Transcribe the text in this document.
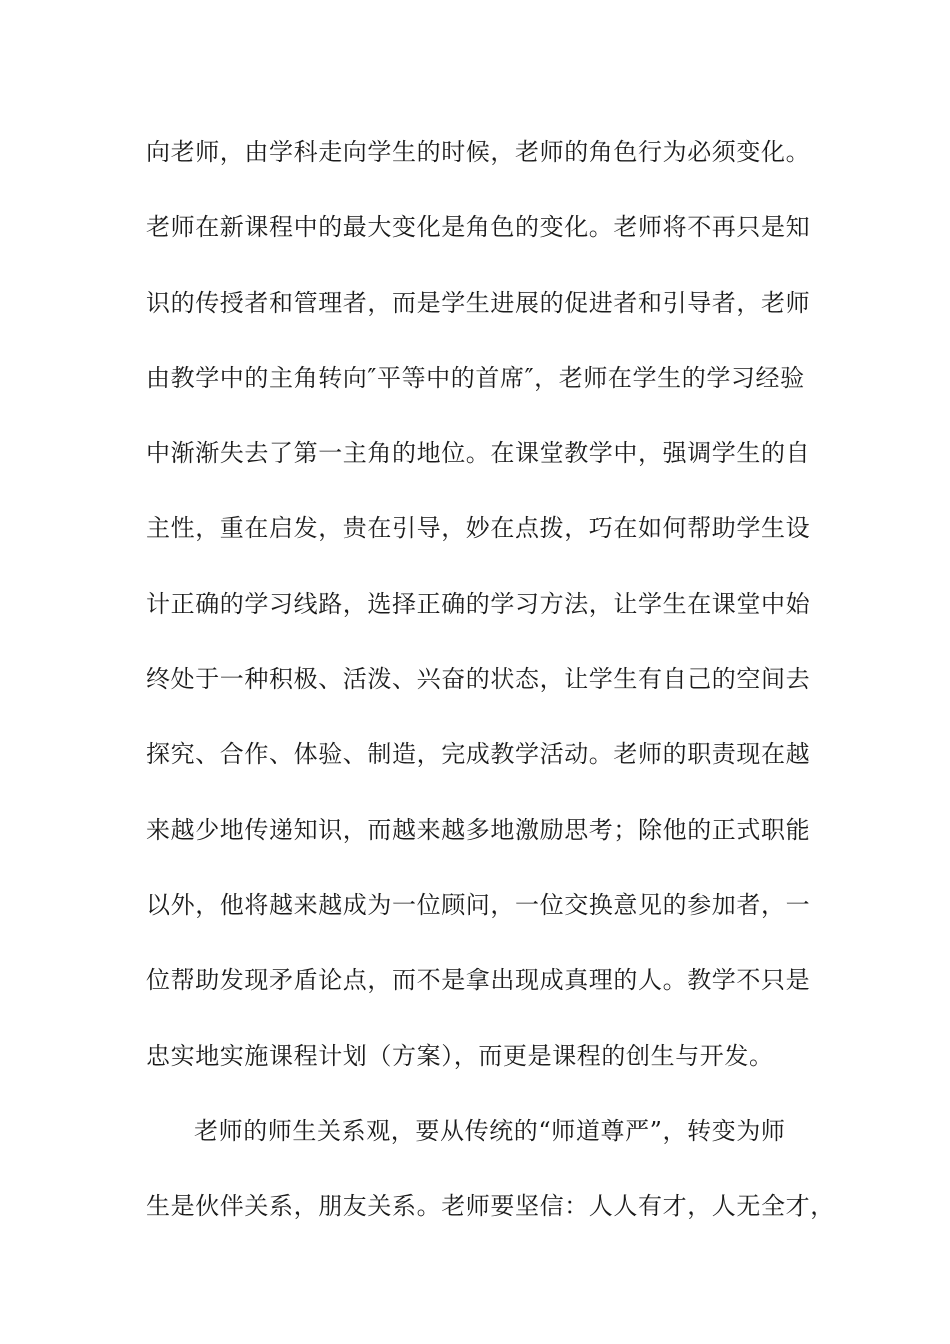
向老师，由学科走向学生的时候，老师的角色行为必须变化。
老师在新课程中的最大变化是角色的变化。老师将不再只是知
识的传授者和管理者，而是学生进展的促进者和引导者，老师
由教学中的主角转向″平等中的首席″，老师在学生的学习经验
中渐渐失去了第一主角的地位。在课堂教学中，强调学生的自
主性，重在启发，贵在引导，妙在点拨，巧在如何帮助学生设
计正确的学习线路，选择正确的学习方法，让学生在课堂中始
终处于一种积极、活泼、兴奋的状态，让学生有自己的空间去
探究、合作、体验、制造，完成教学活动。老师的职责现在越
来越少地传递知识，而越来越多地激励思考；除他的正式职能
以外，他将越来越成为一位顾问，一位交换意见的参加者，一
位帮助发现矛盾论点，而不是拿出现成真理的人。教学不只是
忠实地实施课程计划（方案），而更是课程的创生与开发。
老师的师生关系观，要从传统的“师道尊严”，转变为师
生是伙伴关系，朋友关系。老师要坚信：人人有才，人无全才，
